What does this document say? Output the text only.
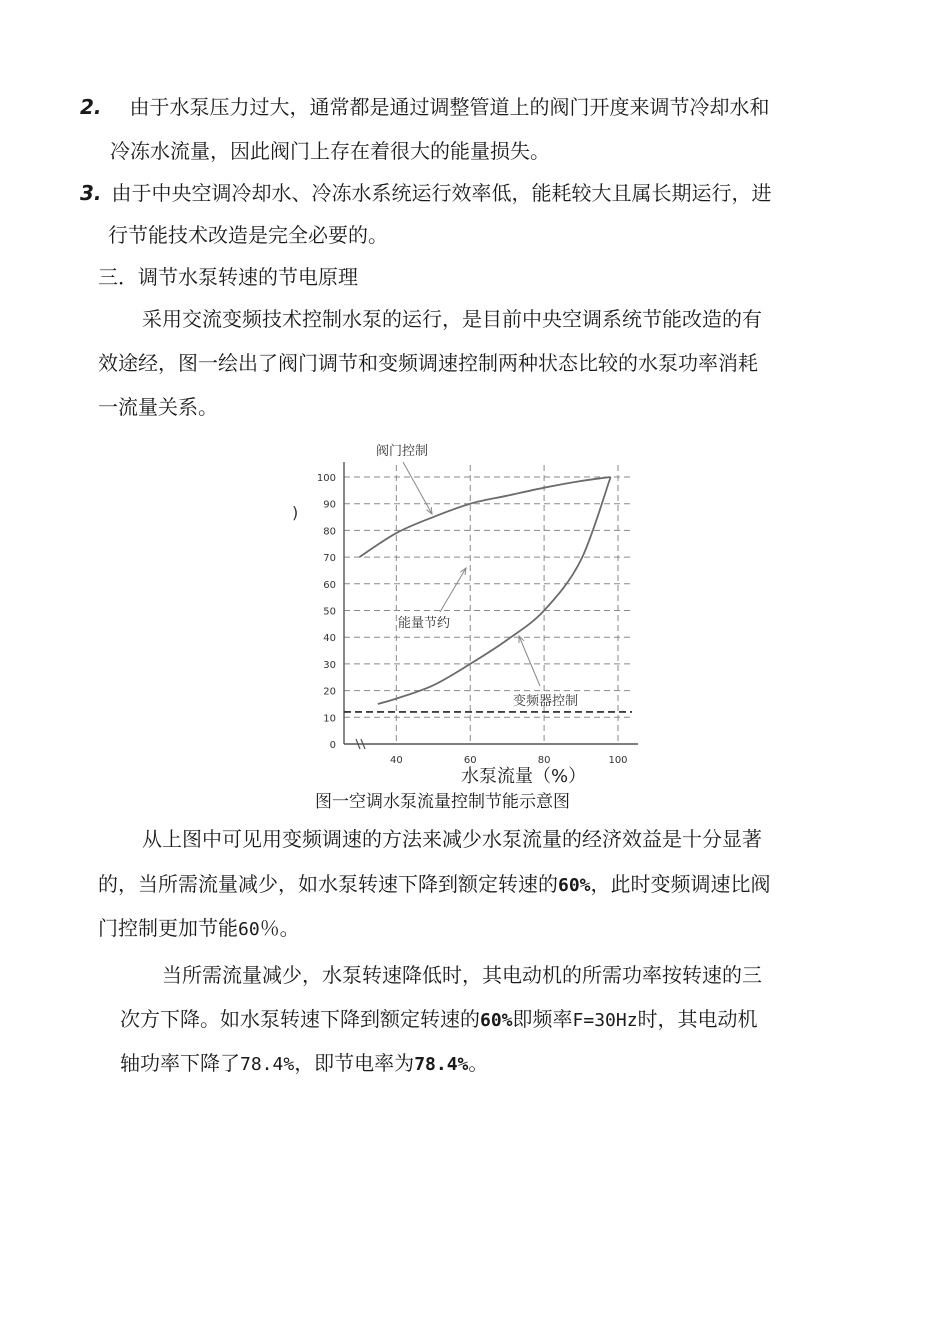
2. 由于水泵压力过大，通常都是通过调整管道上的阀门开度来调节冷却水和
冷冻水流量，因此阀门上存在着很大的能量损失。
3. 由于中央空调冷却水、冷冻水系统运行效率低，能耗较大且属长期运行，进
行节能技术改造是完全必要的。
三．调节水泵转速的节电原理
采用交流变频技术控制水泵的运行，是目前中央空调系统节能改造的有
效途经，图一绘出了阀门调节和变频调速控制两种状态比较的水泵功率消耗
一流量关系。
0
10
20
30
40
50
60
70
80
90
100
40	60	80	100
)
水泵流量（%）
阀门控制
能量节约
变频器控制
图一空调水泵流量控制节能示意图
从上图中可见用变频调速的方法来减少水泵流量的经济效益是十分显著
的，当所需流量减少，如水泵转速下降到额定转速的60%，此时变频调速比阀
门控制更加节能60％。
当所需流量减少，水泵转速降低时，其电动机的所需功率按转速的三
次方下降。如水泵转速下降到额定转速的60%即频率F=30Hz时，其电动机
轴功率下降了78.4%，即节电率为78.4%。
